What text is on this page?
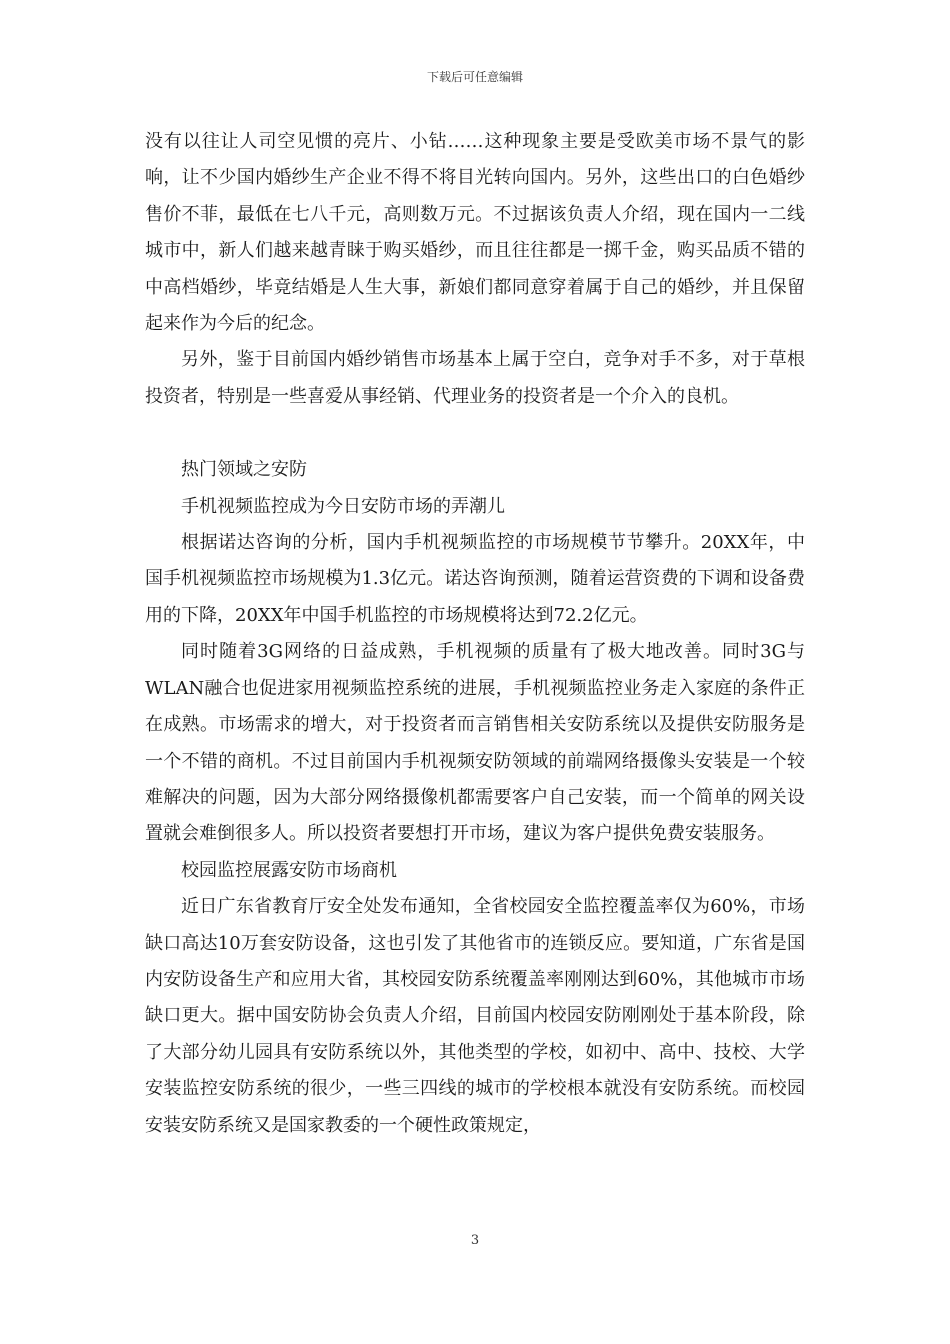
下载后可任意编辑

没有以往让人司空见惯的亮片、小钻……这种现象主要是受欧美市场不景气的影响，让不少国内婚纱生产企业不得不将目光转向国内。另外，这些出口的白色婚纱售价不菲，最低在七八千元，高则数万元。不过据该负责人介绍，现在国内一二线城市中，新人们越来越青睐于购买婚纱，而且往往都是一掷千金，购买品质不错的中高档婚纱，毕竟结婚是人生大事，新娘们都同意穿着属于自己的婚纱，并且保留起来作为今后的纪念。

另外，鉴于目前国内婚纱销售市场基本上属于空白，竞争对手不多，对于草根投资者，特别是一些喜爱从事经销、代理业务的投资者是一个介入的良机。

热门领域之安防

手机视频监控成为今日安防市场的弄潮儿

根据诺达咨询的分析，国内手机视频监控的市场规模节节攀升。20XX年，中国手机视频监控市场规模为1.3亿元。诺达咨询预测，随着运营资费的下调和设备费用的下降，20XX年中国手机监控的市场规模将达到72.2亿元。

同时随着3G网络的日益成熟，手机视频的质量有了极大地改善。同时3G与WLAN融合也促进家用视频监控系统的进展，手机视频监控业务走入家庭的条件正在成熟。市场需求的增大，对于投资者而言销售相关安防系统以及提供安防服务是一个不错的商机。不过目前国内手机视频安防领域的前端网络摄像头安装是一个较难解决的问题，因为大部分网络摄像机都需要客户自己安装，而一个简单的网关设置就会难倒很多人。所以投资者要想打开市场，建议为客户提供免费安装服务。

校园监控展露安防市场商机

近日广东省教育厅安全处发布通知，全省校园安全监控覆盖率仅为60%，市场缺口高达10万套安防设备，这也引发了其他省市的连锁反应。要知道，广东省是国内安防设备生产和应用大省，其校园安防系统覆盖率刚刚达到60%，其他城市市场缺口更大。据中国安防协会负责人介绍，目前国内校园安防刚刚处于基本阶段，除了大部分幼儿园具有安防系统以外，其他类型的学校，如初中、高中、技校、大学安装监控安防系统的很少，一些三四线的城市的学校根本就没有安防系统。而校园安装安防系统又是国家教委的一个硬性政策规定，

3
